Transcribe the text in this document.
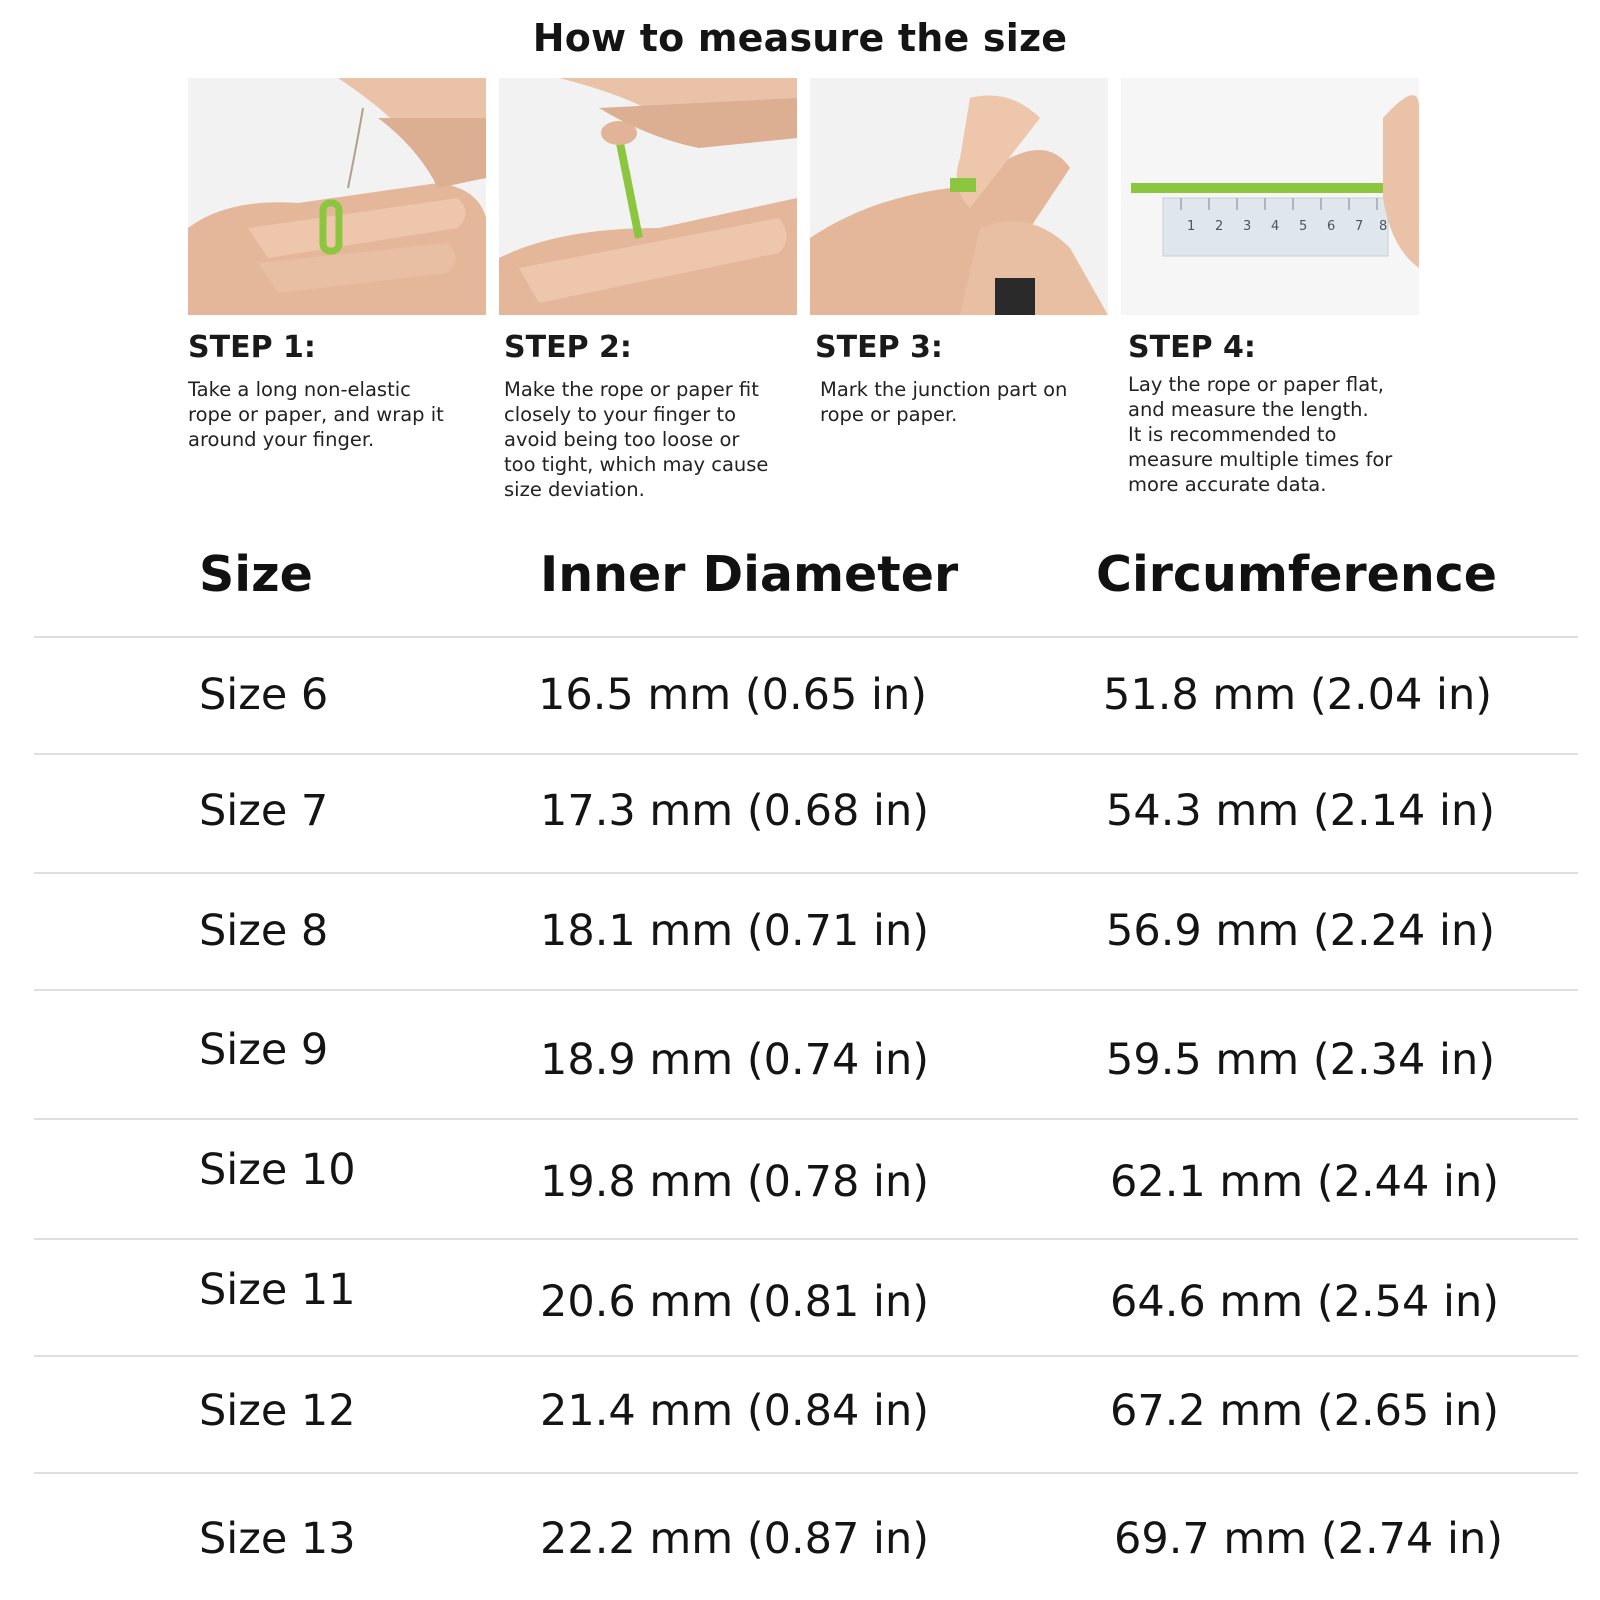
How to measure the size
1 2 3 4 5 6 7 8
STEP 1:	STEP 2:	STEP 3:	STEP 4:
Take a long non-elastic
rope or paper, and wrap it
around your finger.
Make the rope or paper fit
closely to your finger to
avoid being too loose or
too tight, which may cause
size deviation.
Mark the junction part on
rope or paper.
Lay the rope or paper flat,
and measure the length.
It is recommended to
measure multiple times for
more accurate data.
Size	Inner Diameter	Circumference
Size 6	16.5 mm (0.65 in)	51.8 mm (2.04 in)
Size 7	17.3 mm (0.68 in)	54.3 mm (2.14 in)
Size 8	18.1 mm (0.71 in)	56.9 mm (2.24 in)
Size 9	18.9 mm (0.74 in)	59.5 mm (2.34 in)
Size 10	19.8 mm (0.78 in)	62.1 mm (2.44 in)
Size 11	20.6 mm (0.81 in)	64.6 mm (2.54 in)
Size 12	21.4 mm (0.84 in)	67.2 mm (2.65 in)
Size 13	22.2 mm (0.87 in)	69.7 mm (2.74 in)
